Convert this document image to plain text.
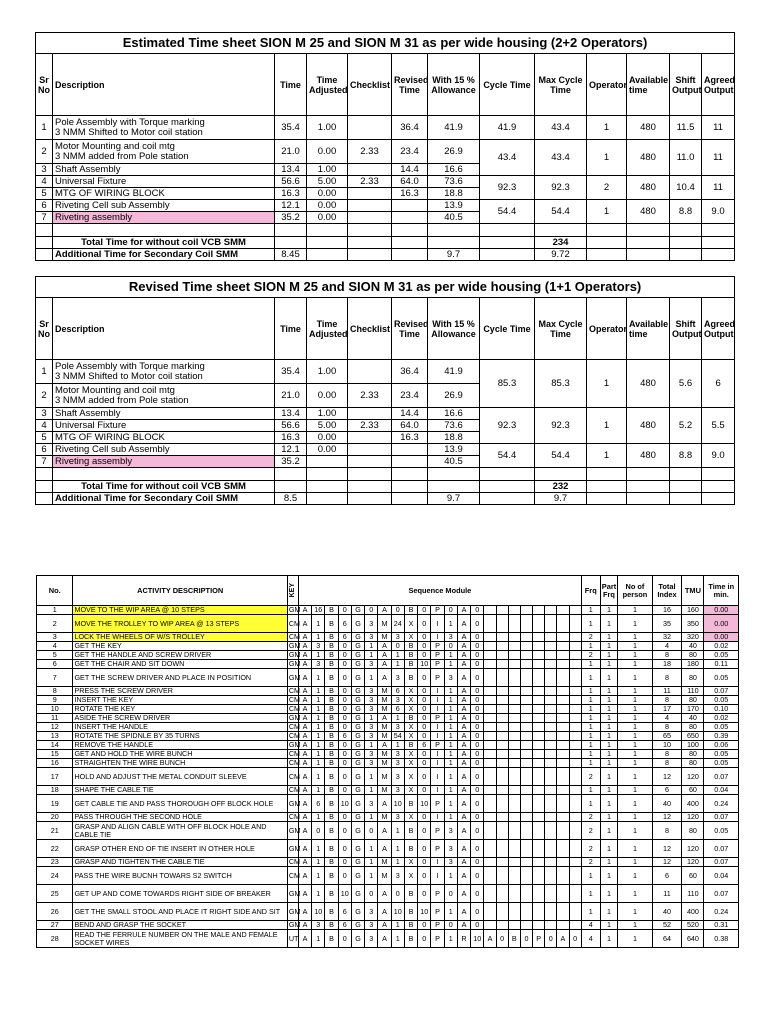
Estimated Time sheet SION M 25 and SION M 31 as per wide housing (2+2 Operators)												
Sr No	Description	Time	Time Adjusted	Checklist	Revised Time	With 15 % Allowance	Cycle Time	Max Cycle Time	Operator	Available time	Shift Output	Agreed Output
1	Pole Assembly with Torque marking
3 NMM Shifted to Motor coil station	35.4	1.00		36.4	41.9	41.9	43.4	1	480	11.5	11
2	Motor Mounting and coil mtg
3 NMM added from Pole station	21.0	0.00	2.33	23.4	26.9	43.4	43.4	1	480	11.0	11
3	Shaft Assembly	13.4	1.00		14.4	16.6						
4	Universal Fixture	56.6	5.00	2.33	64.0	73.6	92.3	92.3	2	480	10.4	11
5	MTG OF WIRING BLOCK	16.3	0.00		16.3	18.8						
6	Riveting Cell sub Assembly	12.1	0.00			13.9	54.4	54.4	1	480	8.8	9.0
7	Riveting assembly	35.2	0.00			40.5						

	Total Time for without coil VCB SMM							234				
	Additional Time for Secondary Coil SMM	8.45				9.7		9.72				
Revised Time sheet SION M 25 and SION M 31 as per wide housing (1+1 Operators)												
Sr No	Description	Time	Time Adjusted	Checklist	Revised Time	With 15 % Allowance	Cycle Time	Max Cycle Time	Operator	Available time	Shift Output	Agreed Output
1	Pole Assembly with Torque marking
3 NMM Shifted to Motor coil station	35.4	1.00		36.4	41.9	85.3	85.3	1	480	5.6	6
2	Motor Mounting and coil mtg
3 NMM added from Pole station	21.0	0.00	2.33	23.4	26.9						
3	Shaft Assembly	13.4	1.00		14.4	16.6	92.3	92.3	1	480	5.2	5.5
4	Universal Fixture	56.6	5.00	2.33	64.0	73.6						
5	MTG OF WIRING BLOCK	16.3	0.00		16.3	18.8						
6	Riveting Cell sub Assembly	12.1	0.00			13.9	54.4	54.4	1	480	8.8	9.0
7	Riveting assembly	35.2				40.5						

	Total Time for without coil VCB SMM							232				
	Additional Time for Secondary Coil SMM	8.5				9.7		9.7				
No.	ACTIVITY DESCRIPTION	KEY	Sequence Module																						Frq	Part Frq	No of person	Total Index	TMU	Time in min.
1	MOVE TO THE WIP AREA @ 10 STEPS	GM	A	16	B	0	G	0	A	0	B	0	P	0	A	0									1	1	1	16	160	0.00
2	MOVE THE TROLLEY TO WIP AREA @ 13 STEPS	CM	A	1	B	6	G	3	M	24	X	0	I	1	A	0									1	1	1	35	350	0.00
3	LOCK THE WHEELS OF W/S TROLLEY	CM	A	1	B	6	G	3	M	3	X	0	I	3	A	0									2	1	1	32	320	0.00
4	GET THE KEY	GM	A	3	B	0	G	1	A	0	B	0	P	0	A	0									1	1	1	4	40	0.02
5	GET THE HANDLE AND SCREW DRIVER	GM	A	1	B	0	G	1	A	1	B	0	P	1	A	0									2	1	1	8	80	0.05
6	GET THE CHAIR AND SIT DOWN	GM	A	3	B	0	G	3	A	1	B	10	P	1	A	0									1	1	1	18	180	0.11
7	GET THE SCREW DRIVER AND PLACE IN POSITION	GM	A	1	B	0	G	1	A	3	B	0	P	3	A	0									1	1	1	8	80	0.05
8	PRESS THE SCREW DRIVER	CM	A	1	B	0	G	3	M	6	X	0	I	1	A	0									1	1	1	11	110	0.07
9	INSERT THE KEY	CM	A	1	B	0	G	3	M	3	X	0	I	1	A	0									1	1	1	8	80	0.05
10	ROTATE THE KEY	CM	A	1	B	0	G	3	M	6	X	0	I	1	A	0									1	1	1	17	170	0.10
11	ASIDE THE SCREW DRIVER	GM	A	1	B	0	G	1	A	1	B	0	P	1	A	0									1	1	1	4	40	0.02
12	INSERT THE HANDLE	CM	A	1	B	0	G	3	M	3	X	0	I	1	A	0									1	1	1	8	80	0.05
13	ROTATE THE SPIDNLE BY 35 TURNS	CM	A	1	B	6	G	3	M	54	X	0	I	1	A	0									1	1	1	65	650	0.39
14	REMOVE THE HANDLE	GM	A	1	B	0	G	1	A	1	B	6	P	1	A	0									1	1	1	10	100	0.06
15	GET AND HOLD THE WIRE BUNCH	CM	A	1	B	0	G	3	M	3	X	0	I	1	A	0									1	1	1	8	80	0.05
16	STRAIGHTEN THE WIRE BUNCH	CM	A	1	B	0	G	3	M	3	X	0	I	1	A	0									1	1	1	8	80	0.05
17	HOLD AND ADJUST THE METAL CONDUIT SLEEVE	CM	A	1	B	0	G	1	M	3	X	0	I	1	A	0									2	1	1	12	120	0.07
18	SHAPE THE CABLE TIE	CM	A	1	B	0	G	1	M	3	X	0	I	1	A	0									1	1	1	6	60	0.04
19	GET CABLE TIE AND PASS THOROUGH OFF BLOCK HOLE	GM	A	6	B	10	G	3	A	10	B	10	P	1	A	0									1	1	1	40	400	0.24
20	PASS THROUGH THE SECOND HOLE	CM	A	1	B	0	G	1	M	3	X	0	I	1	A	0									2	1	1	12	120	0.07
21	GRASP AND ALIGN CABLE WITH OFF BLOCK HOLE AND CABLE TIE	GM	A	0	B	0	G	0	A	1	B	0	P	3	A	0									2	1	1	8	80	0.05
22	GRASP OTHER END OF TIE INSERT IN OTHER HOLE	GM	A	1	B	0	G	1	A	1	B	0	P	3	A	0									2	1	1	12	120	0.07
23	GRASP AND TIGHTEN THE CABLE TIE	CM	A	1	B	0	G	1	M	1	X	0	I	3	A	0									2	1	1	12	120	0.07
24	PASS THE WIRE BUCNH TOWARS S2 SWITCH	CM	A	1	B	0	G	1	M	3	X	0	I	1	A	0									1	1	1	6	60	0.04
25	GET UP AND COME TOWARDS RIGHT SIDE OF BREAKER	GM	A	1	B	10	G	0	A	0	B	0	P	0	A	0									1	1	1	11	110	0.07
26	GET THE SMALL STOOL AND PLACE IT RIGHT SIDE AND SIT	GM	A	10	B	6	G	3	A	10	B	10	P	1	A	0									1	1	1	40	400	0.24
27	BEND AND GRASP THE SOCKET	GM	A	3	B	6	G	3	A	1	B	0	P	0	A	0									4	1	1	52	520	0.31
28	READ THE FERRULE NUMBER ON THE MALE AND FEMALE SOCKET WIRES	UT	A	1	B	0	G	3	A	1	B	0	P	1	R	10	A	0	B	0	P	0	A	0	4	1	1	64	640	0.38
